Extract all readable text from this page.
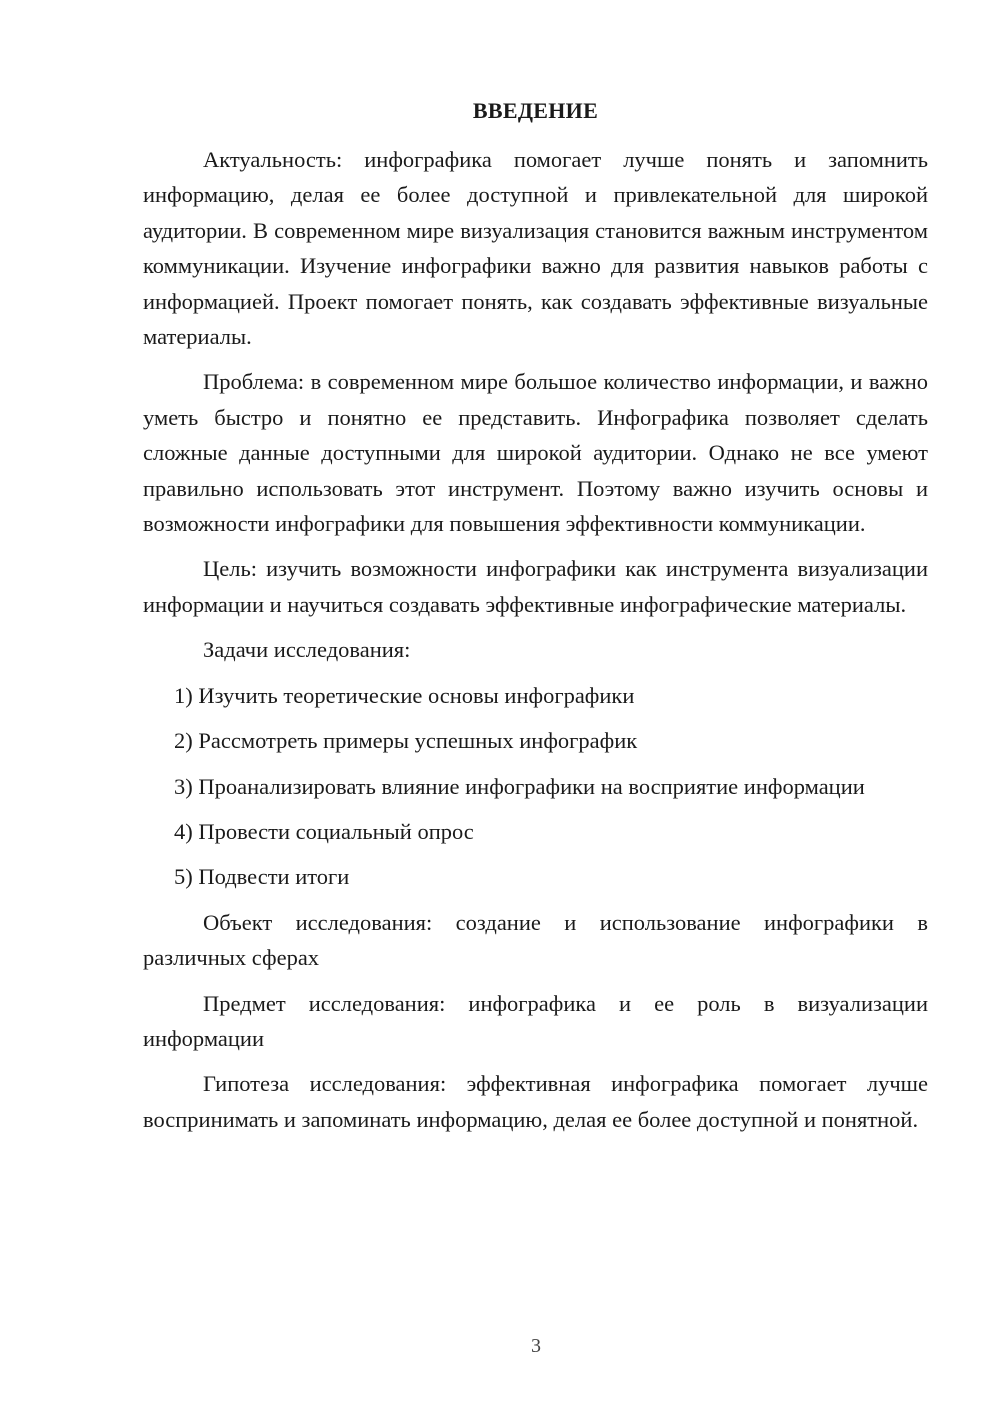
ВВЕДЕНИЕ

Актуальность: инфографика помогает лучше понять и запомнить информацию, делая ее более доступной и привлекательной для широкой аудитории. В современном мире визуализация становится важным инструментом коммуникации. Изучение инфографики важно для развития навыков работы с информацией. Проект помогает понять, как создавать эффективные визуальные материалы.

Проблема: в современном мире большое количество информации, и важно уметь быстро и понятно ее представить. Инфографика позволяет сделать сложные данные доступными для широкой аудитории. Однако не все умеют правильно использовать этот инструмент. Поэтому важно изучить основы и возможности инфографики для повышения эффективности коммуникации.

Цель: изучить возможности инфографики как инструмента визуализации информации и научиться создавать эффективные инфографические материалы.

Задачи исследования:

1) Изучить теоретические основы инфографики

2) Рассмотреть примеры успешных инфографик

3) Проанализировать влияние инфографики на восприятие информации

4) Провести социальный опрос

5) Подвести итоги

Объект исследования: создание и использование инфографики в различных сферах

Предмет исследования: инфографика и ее роль в визуализации информации

Гипотеза исследования: эффективная инфографика помогает лучше воспринимать и запоминать информацию, делая ее более доступной и понятной.

3
